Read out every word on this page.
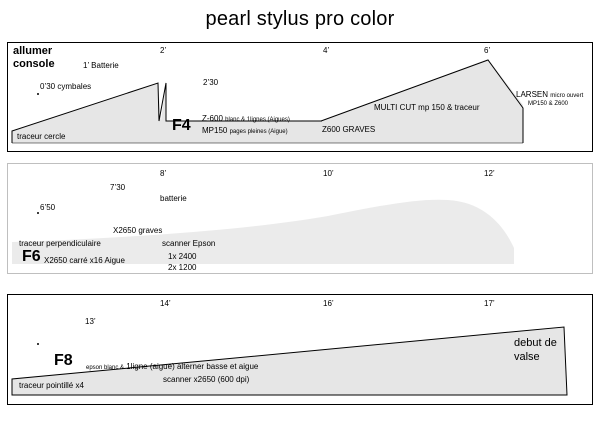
pearl stylus pro color
allumer
console
2’	4’	6’
1’ Batterie
0’30 cymbales	2’30
traceur cercle
F4 Z-600 blanc & 1lignes (Aigues)
MP150 pages pleines (Aigue)
MULTI CUT mp 150 & traceur
Z600 GRAVES
LARSEN micro ouvert
MP150 & Z600
8’	10’	12’
7’30
batterie
6’50
X2650 graves
traceur perpendiculaire	scanner Epson
F6 X2650 carré x16 Aigue	1x 2400
2x 1200
14’	16’	17’
13’
debut de
valse
F8 epson blanc & 1ligne (aigue) alterner basse et aigue
scanner x2650 (600 dpi)
traceur pointillé x4
